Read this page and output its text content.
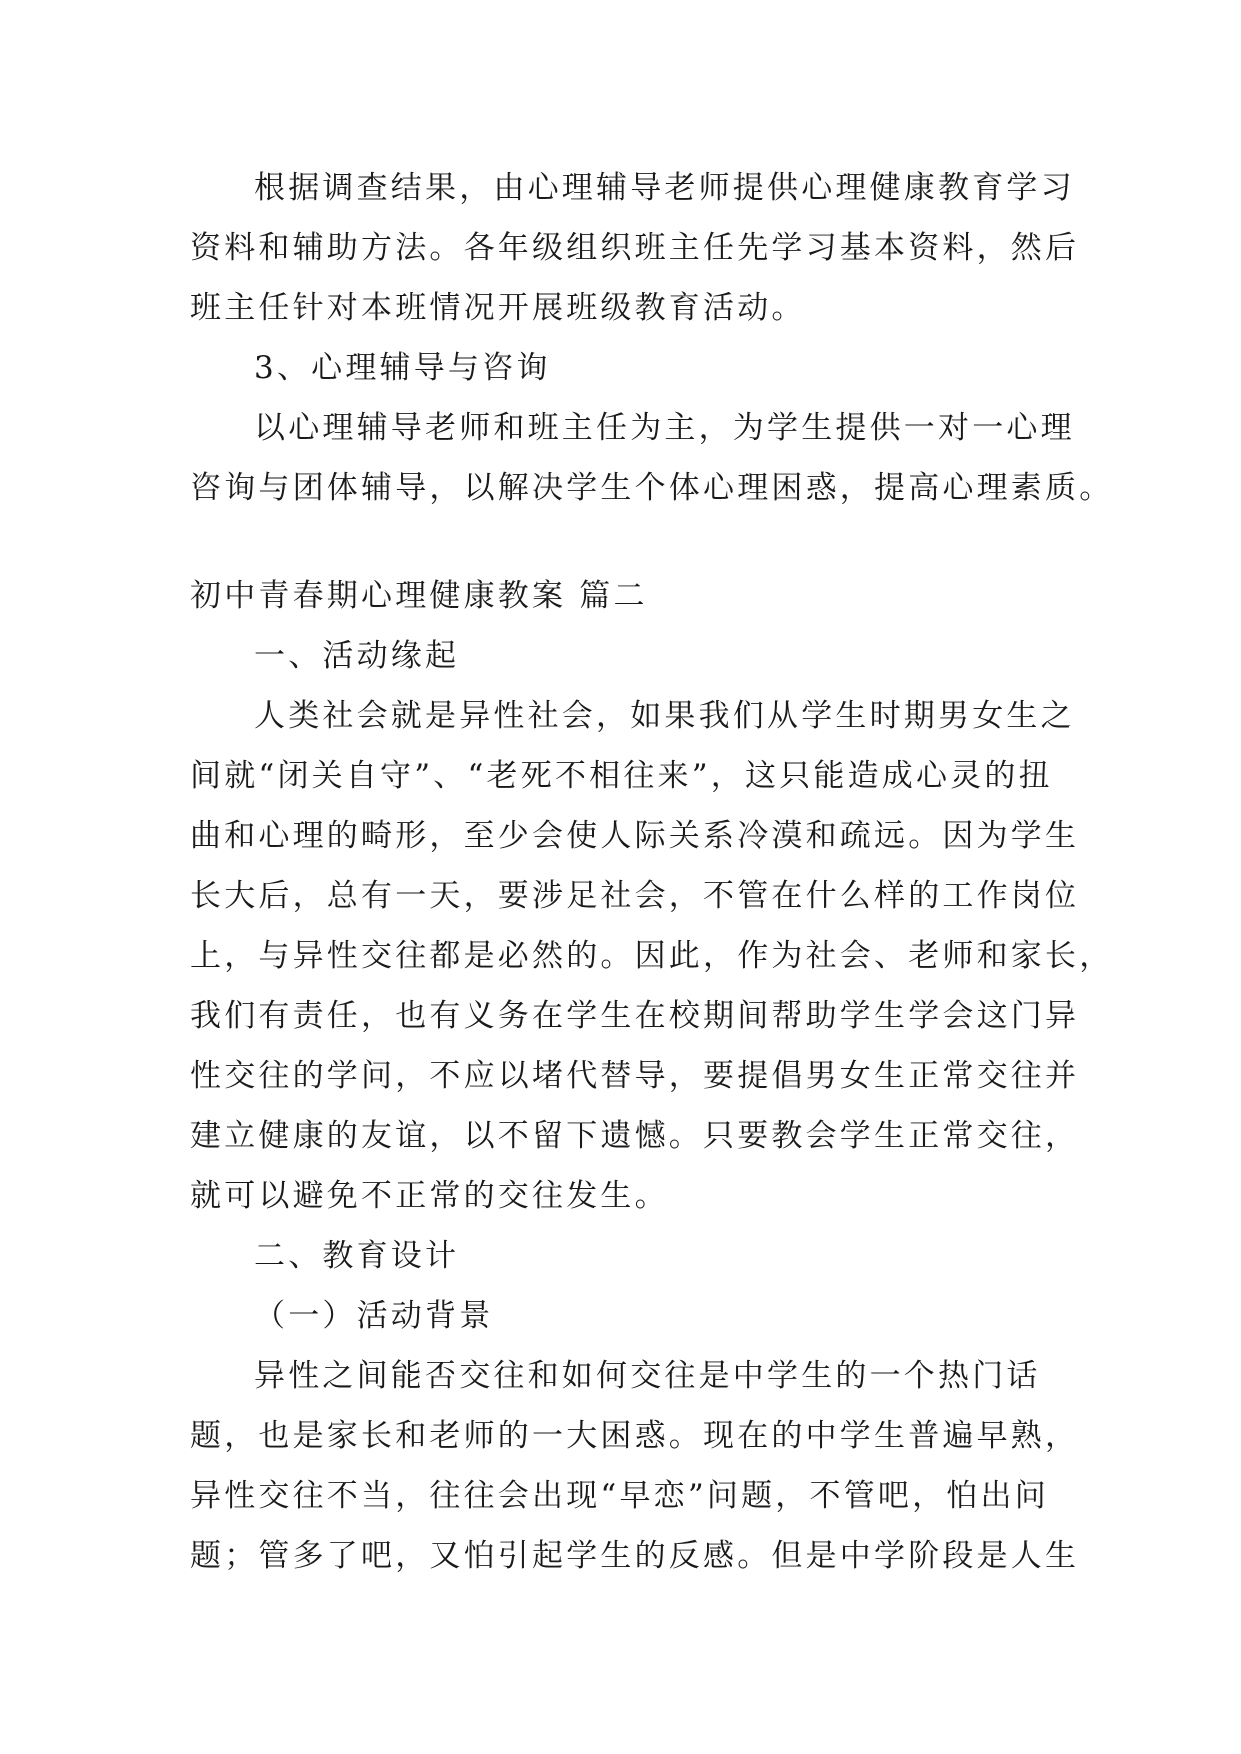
根据调查结果，由心理辅导老师提供心理健康教育学习

资料和辅助方法。各年级组织班主任先学习基本资料，然后

班主任针对本班情况开展班级教育活动。

3、心理辅导与咨询

以心理辅导老师和班主任为主，为学生提供一对一心理

咨询与团体辅导，以解决学生个体心理困惑，提高心理素质。

初中青春期心理健康教案 篇二

一、活动缘起

人类社会就是异性社会，如果我们从学生时期男女生之

间就“闭关自守”、“老死不相往来”，这只能造成心灵的扭

曲和心理的畸形，至少会使人际关系冷漠和疏远。因为学生

长大后，总有一天，要涉足社会，不管在什么样的工作岗位

上，与异性交往都是必然的。因此，作为社会、老师和家长，

我们有责任，也有义务在学生在校期间帮助学生学会这门异

性交往的学问，不应以堵代替导，要提倡男女生正常交往并

建立健康的友谊，以不留下遗憾。只要教会学生正常交往，

就可以避免不正常的交往发生。

二、教育设计

（一）活动背景

异性之间能否交往和如何交往是中学生的一个热门话

题，也是家长和老师的一大困惑。现在的中学生普遍早熟，

异性交往不当，往往会出现“早恋”问题，不管吧，怕出问

题；管多了吧，又怕引起学生的反感。但是中学阶段是人生
